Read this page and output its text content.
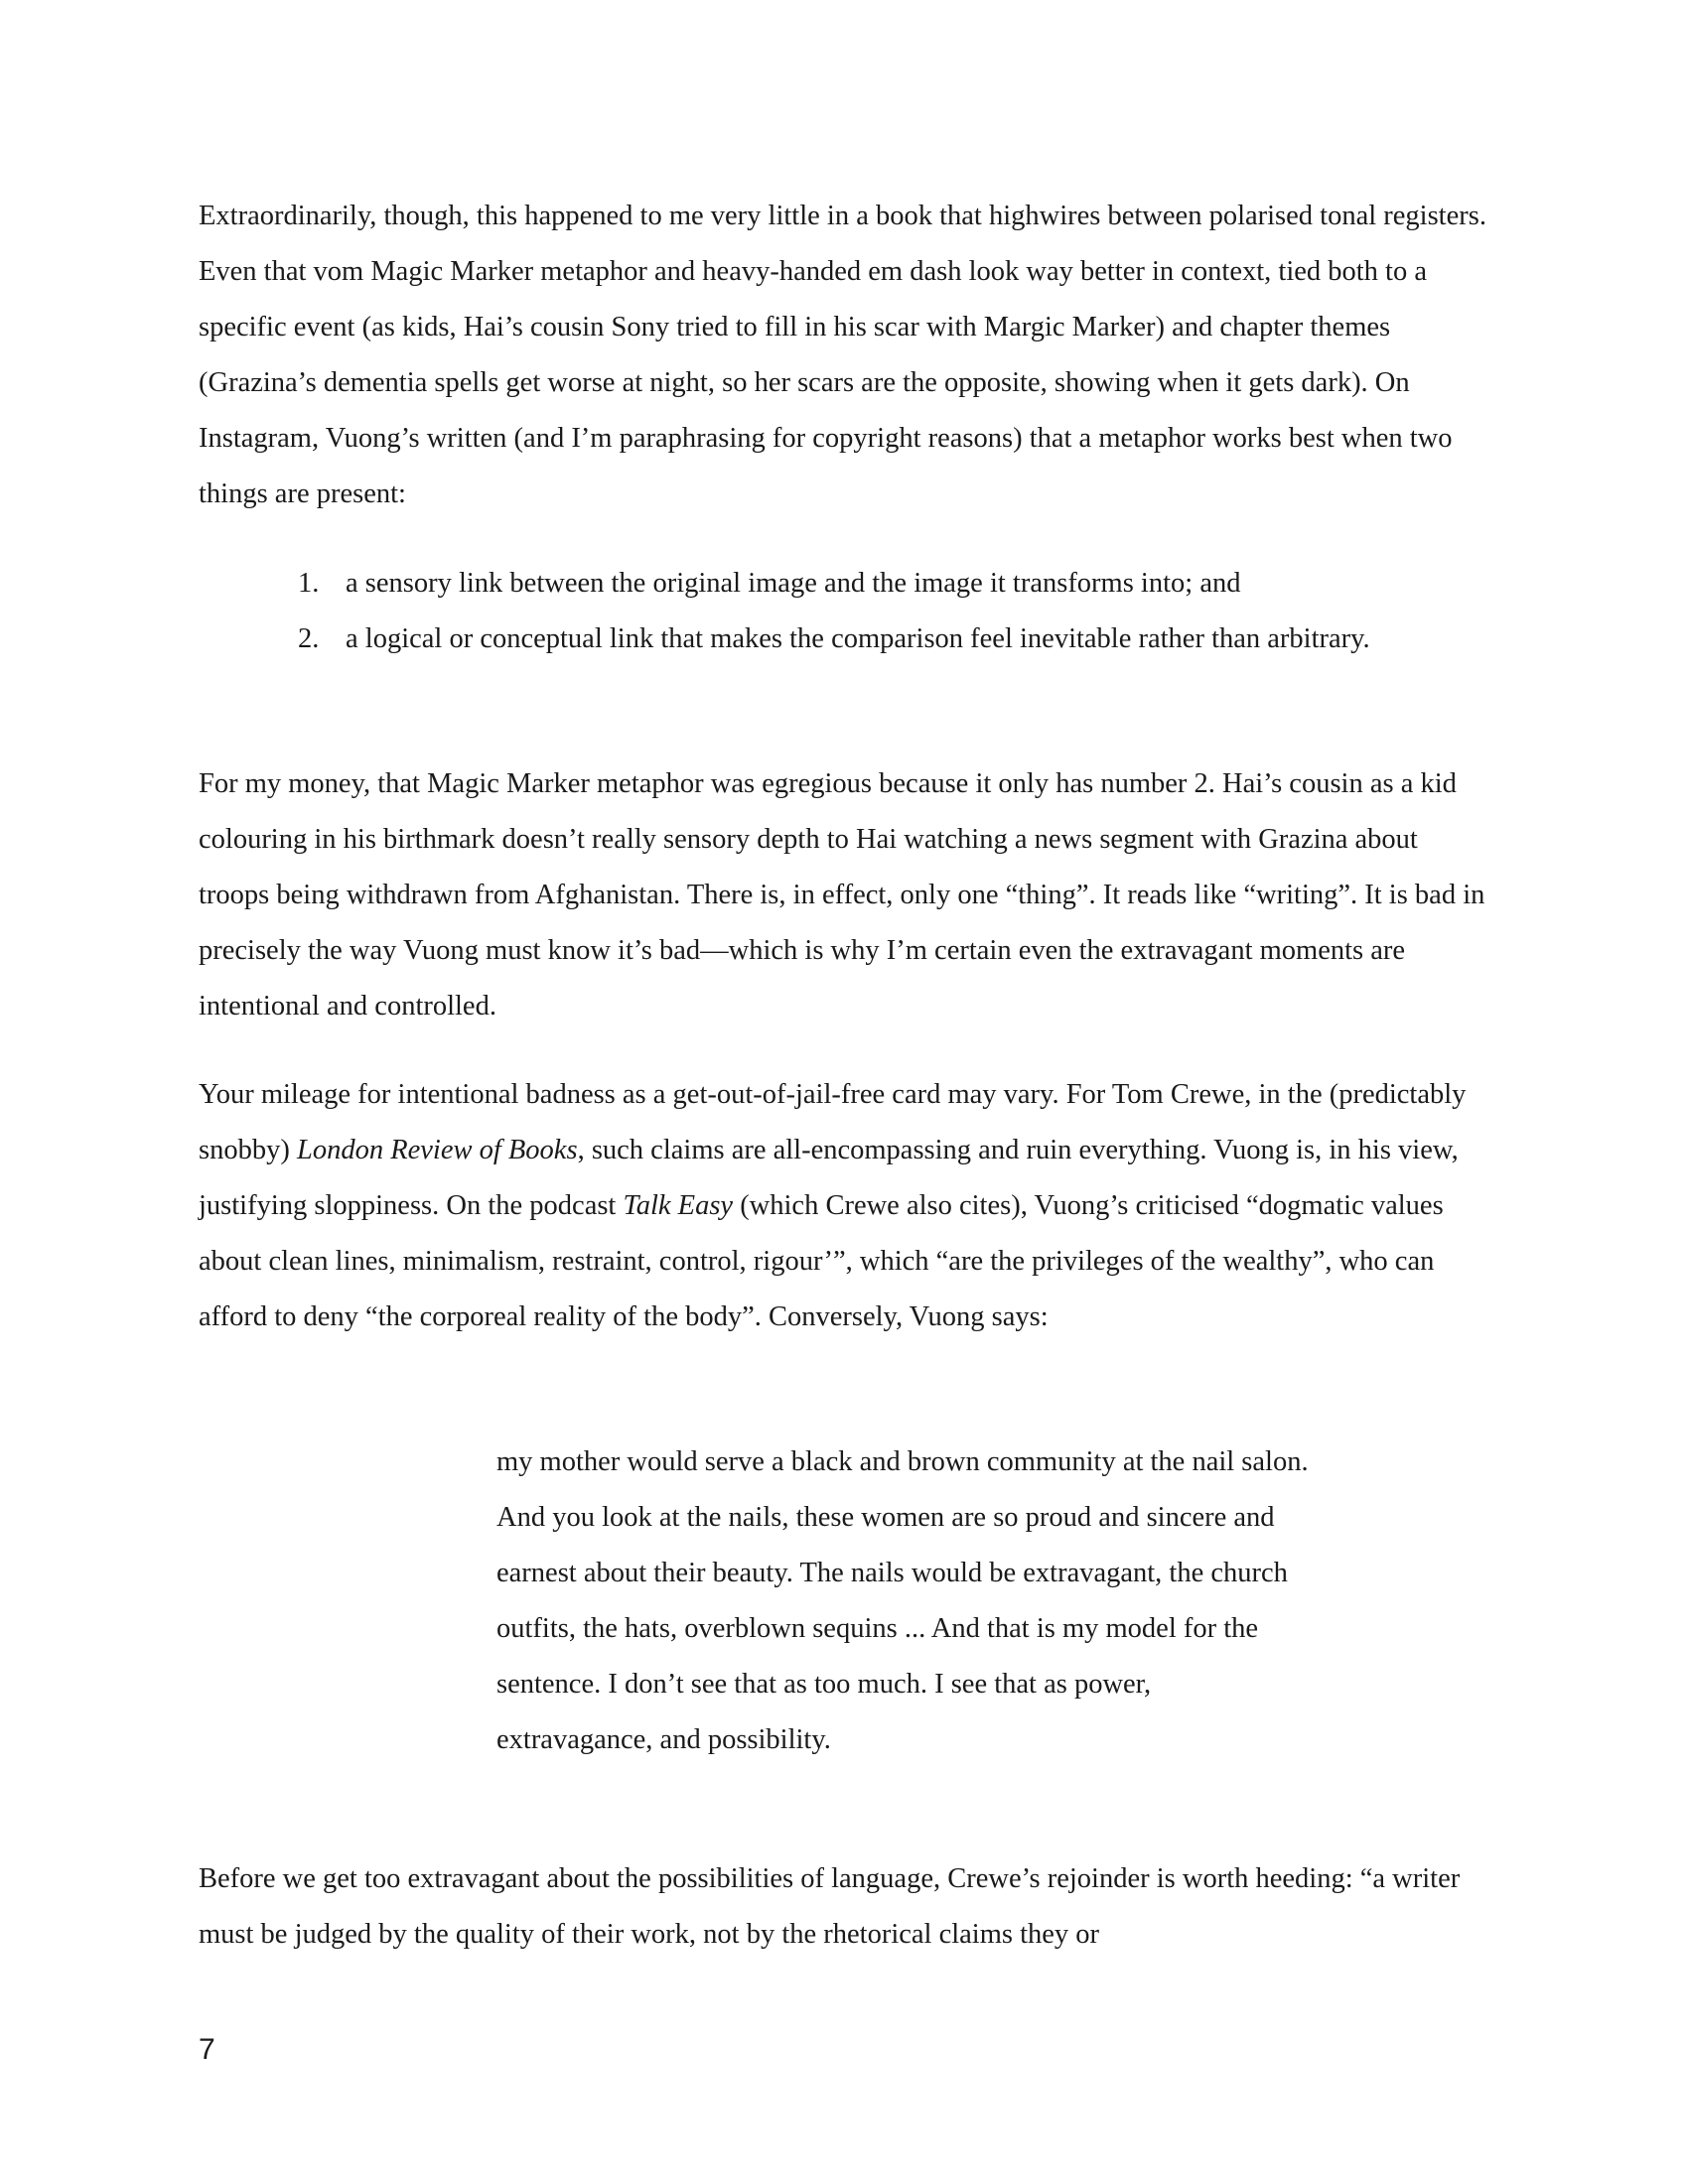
Extraordinarily, though, this happened to me very little in a book that highwires between polarised tonal registers. Even that vom Magic Marker metaphor and heavy-handed em dash look way better in context, tied both to a specific event (as kids, Hai’s cousin Sony tried to fill in his scar with Margic Marker) and chapter themes (Grazina’s dementia spells get worse at night, so her scars are the opposite, showing when it gets dark). On Instagram, Vuong’s written (and I’m paraphrasing for copyright reasons) that a metaphor works best when two things are present:

1. a sensory link between the original image and the image it transforms into; and
2. a logical or conceptual link that makes the comparison feel inevitable rather than arbitrary.

For my money, that Magic Marker metaphor was egregious because it only has number 2. Hai’s cousin as a kid colouring in his birthmark doesn’t really sensory depth to Hai watching a news segment with Grazina about troops being withdrawn from Afghanistan. There is, in effect, only one “thing”. It reads like “writing”. It is bad in precisely the way Vuong must know it’s bad—which is why I’m certain even the extravagant moments are intentional and controlled.

Your mileage for intentional badness as a get-out-of-jail-free card may vary. For Tom Crewe, in the (predictably snobby) London Review of Books, such claims are all-encompassing and ruin everything. Vuong is, in his view, justifying sloppiness. On the podcast Talk Easy (which Crewe also cites), Vuong’s criticised “dogmatic values about clean lines, minimalism, restraint, control, rigour’”, which “are the privileges of the wealthy”, who can afford to deny “the corporeal reality of the body”. Conversely, Vuong says:

my mother would serve a black and brown community at the nail salon. And you look at the nails, these women are so proud and sincere and earnest about their beauty. The nails would be extravagant, the church outfits, the hats, overblown sequins ... And that is my model for the sentence. I don’t see that as too much. I see that as power, extravagance, and possibility.

Before we get too extravagant about the possibilities of language, Crewe’s rejoinder is worth heeding: “a writer must be judged by the quality of their work, not by the rhetorical claims they or

7
